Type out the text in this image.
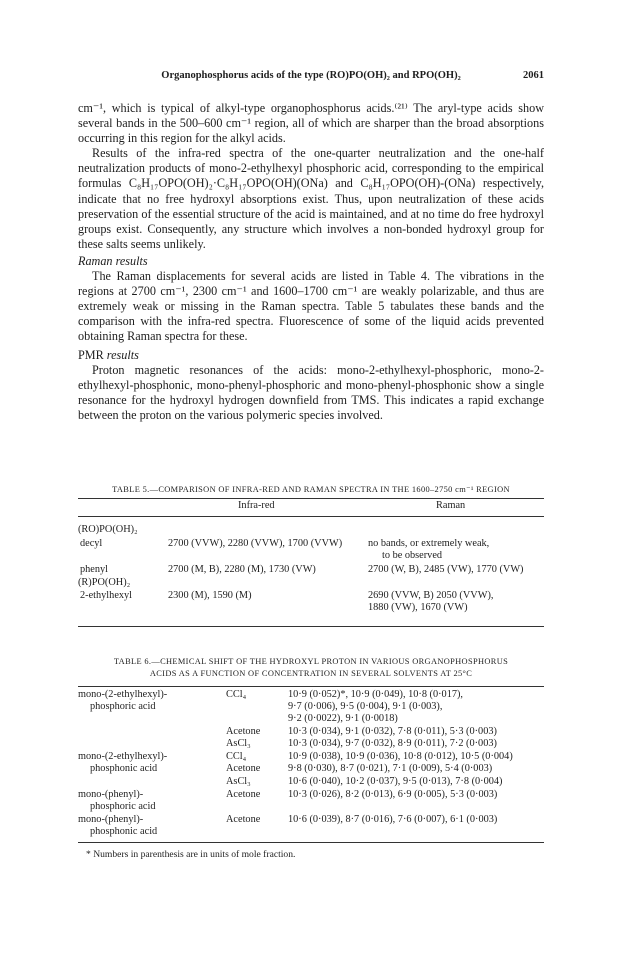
Organophosphorus acids of the type (RO)PO(OH)₂ and RPO(OH)₂	2061

cm⁻¹, which is typical of alkyl-type organophosphorus acids.⁽²¹⁾ The aryl-type acids show several bands in the 500–600 cm⁻¹ region, all of which are sharper than the broad absorptions occurring in this region for the alkyl acids.

Results of the infra-red spectra of the one-quarter neutralization and the one-half neutralization products of mono-2-ethylhexyl phosphoric acid, corresponding to the empirical formulas C₈H₁₇OPO(OH)₂·C₈H₁₇OPO(OH)(ONa) and C₈H₁₇OPO(OH)-(ONa) respectively, indicate that no free hydroxyl absorptions exist. Thus, upon neutralization of these acids preservation of the essential structure of the acid is maintained, and at no time do free hydroxyl groups exist. Consequently, any structure which involves a non-bonded hydroxyl group for these salts seems unlikely.

Raman results

The Raman displacements for several acids are listed in Table 4. The vibrations in the regions at 2700 cm⁻¹, 2300 cm⁻¹ and 1600–1700 cm⁻¹ are weakly polarizable, and thus are extremely weak or missing in the Raman spectra. Table 5 tabulates these bands and the comparison with the infra-red spectra. Fluorescence of some of the liquid acids prevented obtaining Raman spectra for these.

PMR results

Proton magnetic resonances of the acids: mono-2-ethylhexyl-phosphoric, mono-2-ethylhexyl-phosphonic, mono-phenyl-phosphoric and mono-phenyl-phosphonic show a single resonance for the hydroxyl hydrogen downfield from TMS. This indicates a rapid exchange between the proton on the various polymeric species involved.

TABLE 5.—COMPARISON OF INFRA-RED AND RAMAN SPECTRA IN THE 1600–2750 cm⁻¹ REGION
Infra-red	Raman
(RO)PO(OH)₂
decyl	2700 (VVW), 2280 (VVW), 1700 (VVW)	no bands, or extremely weak,
to be observed
phenyl	2700 (M, B), 2280 (M), 1730 (VW)	2700 (W, B), 2485 (VW), 1770 (VW)
(R)PO(OH)₂
2-ethylhexyl	2300 (M), 1590 (M)	2690 (VVW, B) 2050 (VVW),
1880 (VW), 1670 (VW)
TABLE 6.—CHEMICAL SHIFT OF THE HYDROXYL PROTON IN VARIOUS ORGANOPHOSPHORUS
ACIDS AS A FUNCTION OF CONCENTRATION IN SEVERAL SOLVENTS AT 25°C
mono-(2-ethylhexyl)-	CCl₄	10·9 (0·052)*, 10·9 (0·049), 10·8 (0·017),
phosphoric acid	9·7 (0·006), 9·5 (0·004), 9·1 (0·003),
9·2 (0·0022), 9·1 (0·0018)
Acetone	10·3 (0·034), 9·1 (0·032), 7·8 (0·011), 5·3 (0·003)
AsCl₃	10·3 (0·034), 9·7 (0·032), 8·9 (0·011), 7·2 (0·003)
mono-(2-ethylhexyl)-	CCl₄	10·9 (0·038), 10·9 (0·036), 10·8 (0·012), 10·5 (0·004)
phosphonic acid	Acetone	9·8 (0·030), 8·7 (0·021), 7·1 (0·009), 5·4 (0·003)
AsCl₃	10·6 (0·040), 10·2 (0·037), 9·5 (0·013), 7·8 (0·004)
mono-(phenyl)-	Acetone	10·3 (0·026), 8·2 (0·013), 6·9 (0·005), 5·3 (0·003)
phosphoric acid
mono-(phenyl)-	Acetone	10·6 (0·039), 8·7 (0·016), 7·6 (0·007), 6·1 (0·003)
phosphonic acid
* Numbers in parenthesis are in units of mole fraction.
